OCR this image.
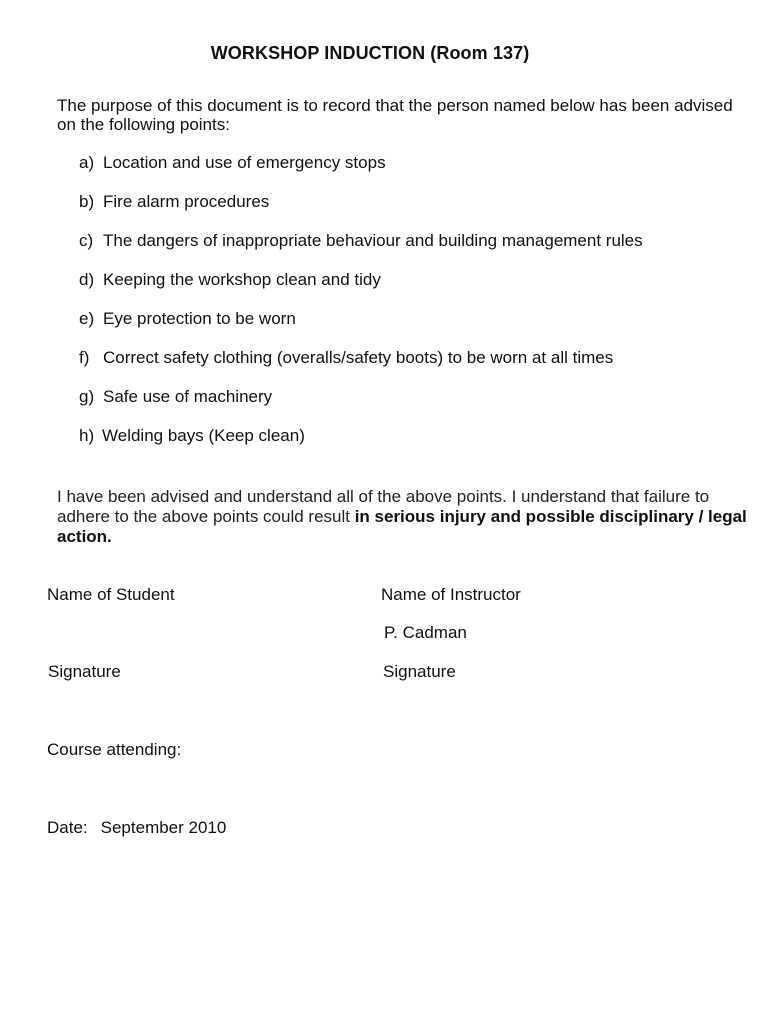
WORKSHOP INDUCTION (Room 137)
The purpose of this document is to record that the person named below has been advised on the following points:
a) Location and use of emergency stops
b) Fire alarm procedures
c) The dangers of inappropriate behaviour and building management rules
d) Keeping the workshop clean and tidy
e) Eye protection to be worn
f) Correct safety clothing (overalls/safety boots) to be worn at all times
g) Safe use of machinery
h) Welding bays (Keep clean)
I have been advised and understand all of the above points. I understand that failure to adhere to the above points could result in serious injury and possible disciplinary / legal action.
Name of Student	Name of Instructor
P. Cadman
Signature	Signature
Course attending:
Date: September 2010
